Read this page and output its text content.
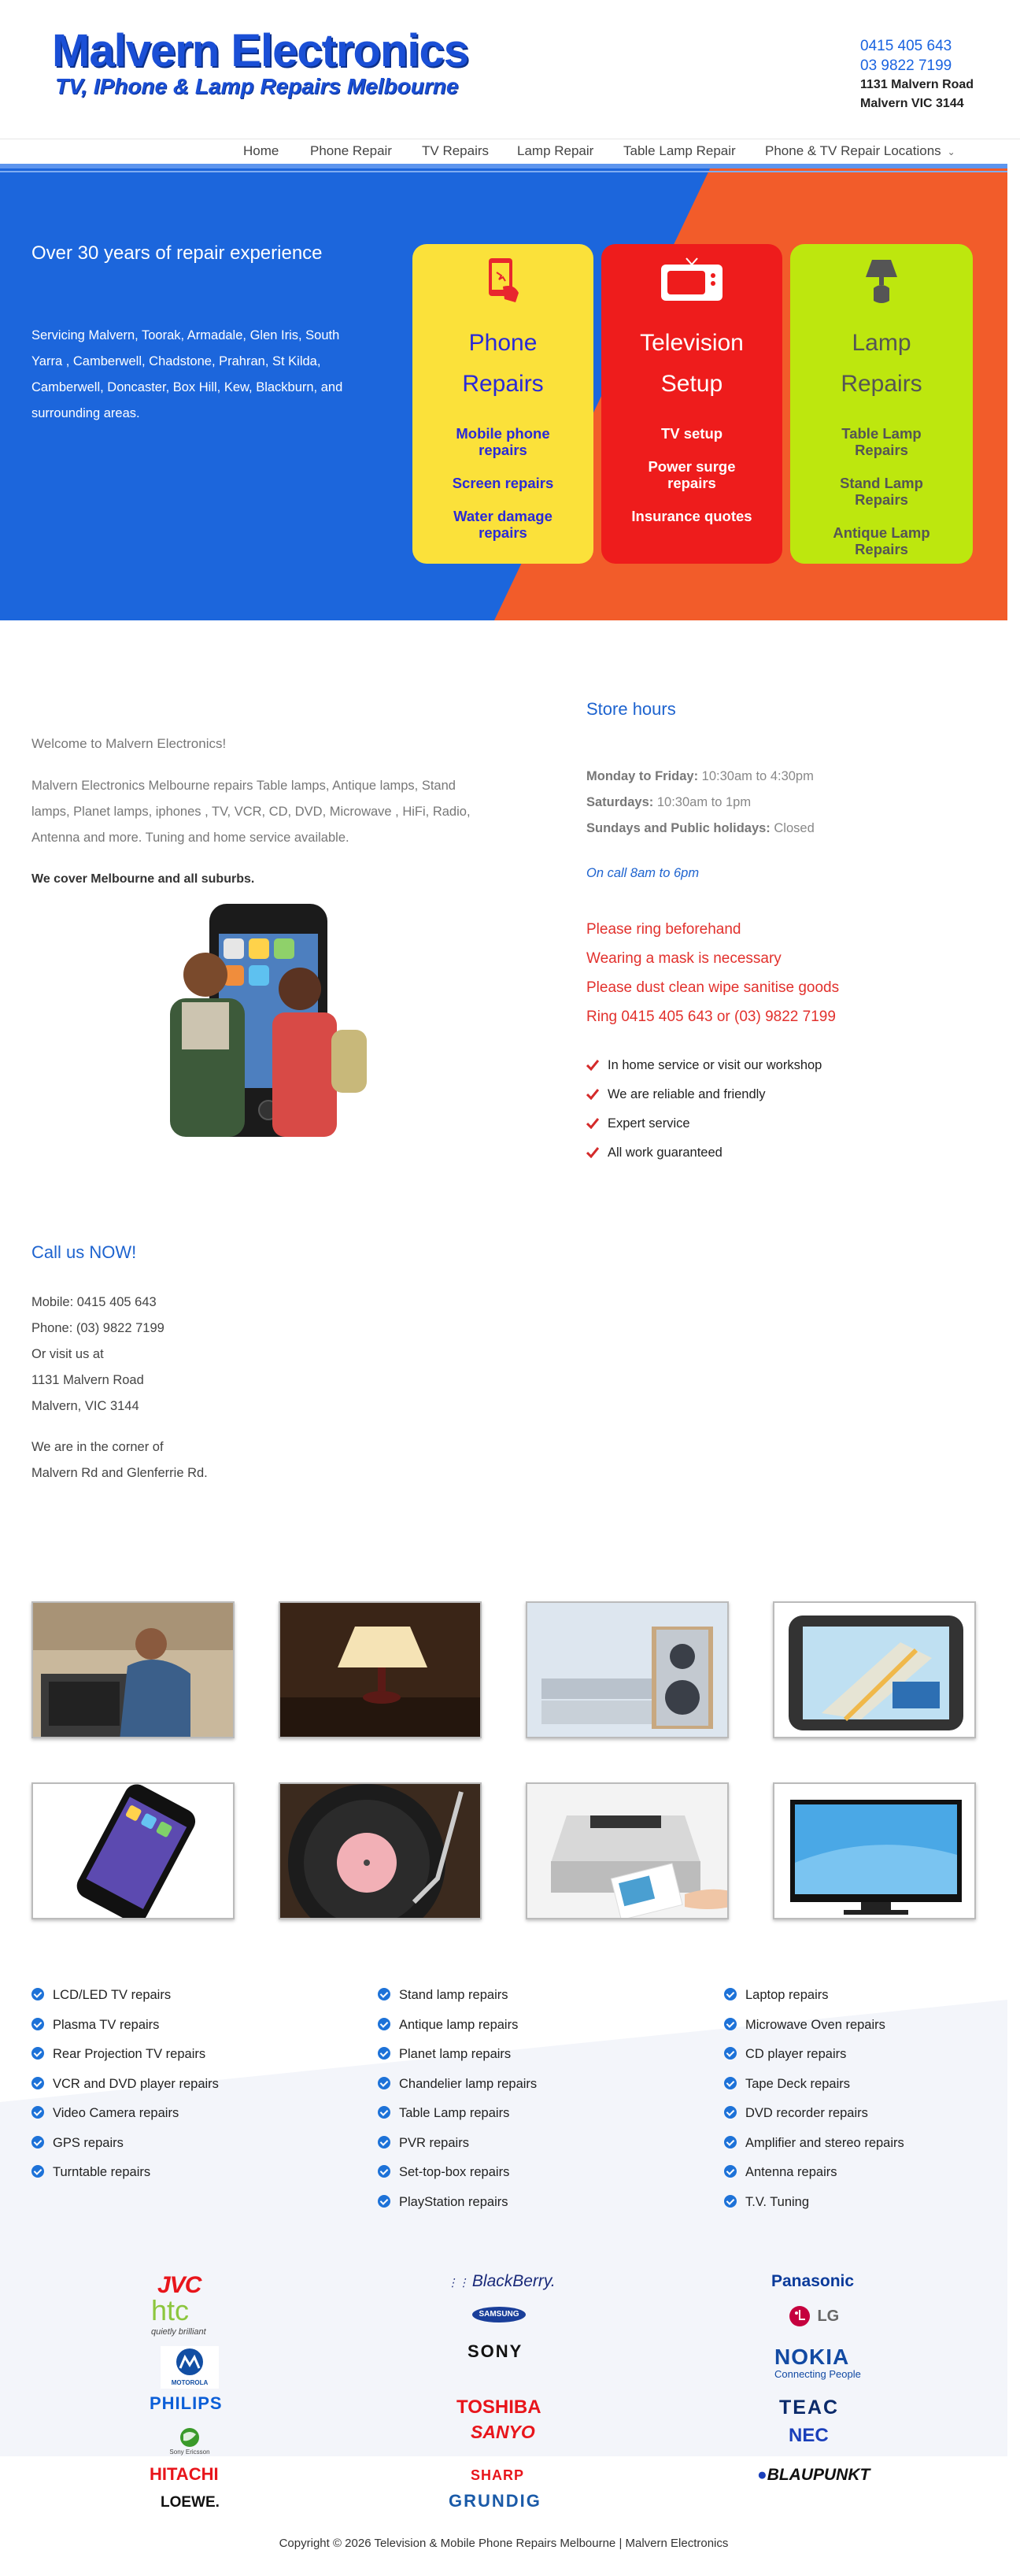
Malvern Electronics
TV, IPhone & Lamp Repairs Melbourne
0415 405 643
03 9822 7199
1131 Malvern Road
Malvern VIC 3144
Home Phone Repair TV Repairs Lamp Repair Table Lamp Repair Phone & TV Repair Locations ⌄
Over 30 years of repair experience
Servicing Malvern, Toorak, Armadale, Glen Iris, South Yarra , Camberwell, Chadstone, Prahran, St Kilda, Camberwell, Doncaster, Box Hill, Kew, Blackburn, and surrounding areas.
Phone
Repairs
Mobile phone repairs
Screen repairs
Water damage repairs
Television
Setup
TV setup
Power surge repairs
Insurance quotes
Lamp
Repairs
Table Lamp Repairs
Stand Lamp Repairs
Antique Lamp Repairs
Welcome to Malvern Electronics!
Malvern Electronics Melbourne repairs Table lamps, Antique lamps, Stand lamps, Planet lamps, iphones , TV, VCR, CD, DVD, Microwave , HiFi, Radio, Antenna and more. Tuning and home service available.
We cover Melbourne and all suburbs.
Store hours
Monday to Friday: 10:30am to 4:30pm
Saturdays: 10:30am to 1pm
Sundays and Public holidays: Closed
On call 8am to 6pm
Please ring beforehand
Wearing a mask is necessary
Please dust clean wipe sanitise goods
Ring 0415 405 643 or (03) 9822 7199
In home service or visit our workshop
We are reliable and friendly
Expert service
All work guaranteed
Call us NOW!
Mobile: 0415 405 643
Phone: (03) 9822 7199
Or visit us at
1131 Malvern Road
Malvern, VIC 3144
We are in the corner of
Malvern Rd and Glenferrie Rd.
LCD/LED TV repairs
Plasma TV repairs
Rear Projection TV repairs
VCR and DVD player repairs
Video Camera repairs
GPS repairs
Turntable repairs
Stand lamp repairs
Antique lamp repairs
Planet lamp repairs
Chandelier lamp repairs
Table Lamp repairs
PVR repairs
Set-top-box repairs
PlayStation repairs
Laptop repairs
Microwave Oven repairs
CD player repairs
Tape Deck repairs
DVD recorder repairs
Amplifier and stereo repairs
Antenna repairs
T.V. Tuning
JVC
htc
quietly brilliant
MOTOROLA
PHILIPS
Sony Ericsson
HITACHI
LOEWE.
⋮⋮ BlackBerry.
SAMSUNG
SONY
TOSHIBA
SANYO
SHARP
GRUNDIG
Panasonic
LG
NOKIA
Connecting People
TEAC
NEC
●BLAUPUNKT
Copyright © 2026 Television & Mobile Phone Repairs Melbourne | Malvern Electronics
